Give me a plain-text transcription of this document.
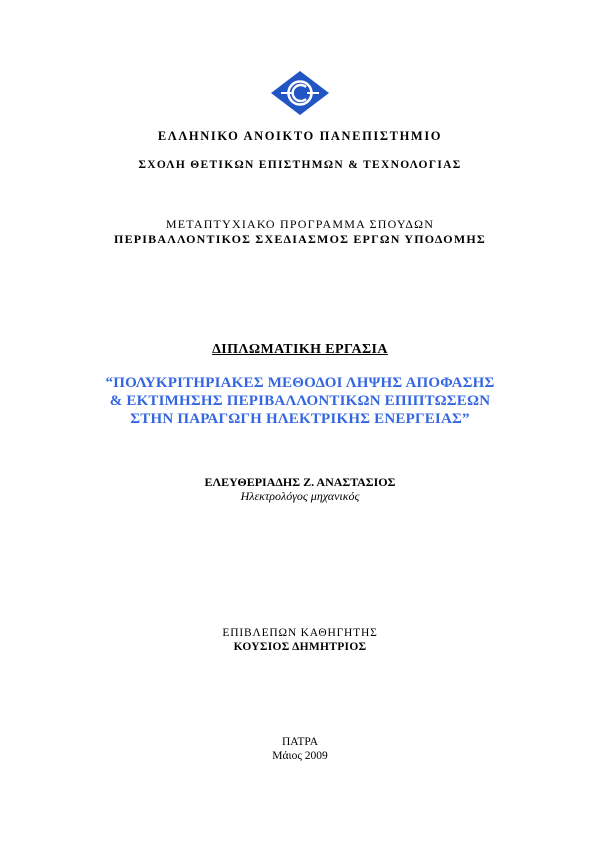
ΕΛΛΗΝΙΚΟ ΑΝΟΙΚΤΟ ΠΑΝΕΠΙΣΤΗΜΙΟ
ΣΧΟΛΗ ΘΕΤΙΚΩΝ ΕΠΙΣΤΗΜΩΝ & ΤΕΧΝΟΛΟΓΙΑΣ
ΜΕΤΑΠΤΥΧΙΑΚΟ ΠΡΟΓΡΑΜΜΑ ΣΠΟΥΔΩΝ
ΠΕΡΙΒΑΛΛΟΝΤΙΚΟΣ ΣΧΕΔΙΑΣΜΟΣ ΕΡΓΩΝ ΥΠΟΔΟΜΗΣ
ΔΙΠΛΩΜΑΤΙΚΗ ΕΡΓΑΣΙΑ
“ΠΟΛΥΚΡΙΤΗΡΙΑΚΕΣ ΜΕΘΟΔΟΙ ΛΗΨΗΣ ΑΠΟΦΑΣΗΣ
& ΕΚΤΙΜΗΣΗΣ ΠΕΡΙΒΑΛΛΟΝΤΙΚΩΝ ΕΠΙΠΤΩΣΕΩΝ
ΣΤΗΝ ΠΑΡΑΓΩΓΗ ΗΛΕΚΤΡΙΚΗΣ ΕΝΕΡΓΕΙΑΣ”
ΕΛΕΥΘΕΡΙΑΔΗΣ Ζ. ΑΝΑΣΤΑΣΙΟΣ
Ηλεκτρολόγος μηχανικός
ΕΠΙΒΛΕΠΩΝ ΚΑΘΗΓΗΤΗΣ
ΚΟΥΣΙΟΣ ΔΗΜΗΤΡΙΟΣ
ΠΑΤΡΑ
Μάιος 2009
